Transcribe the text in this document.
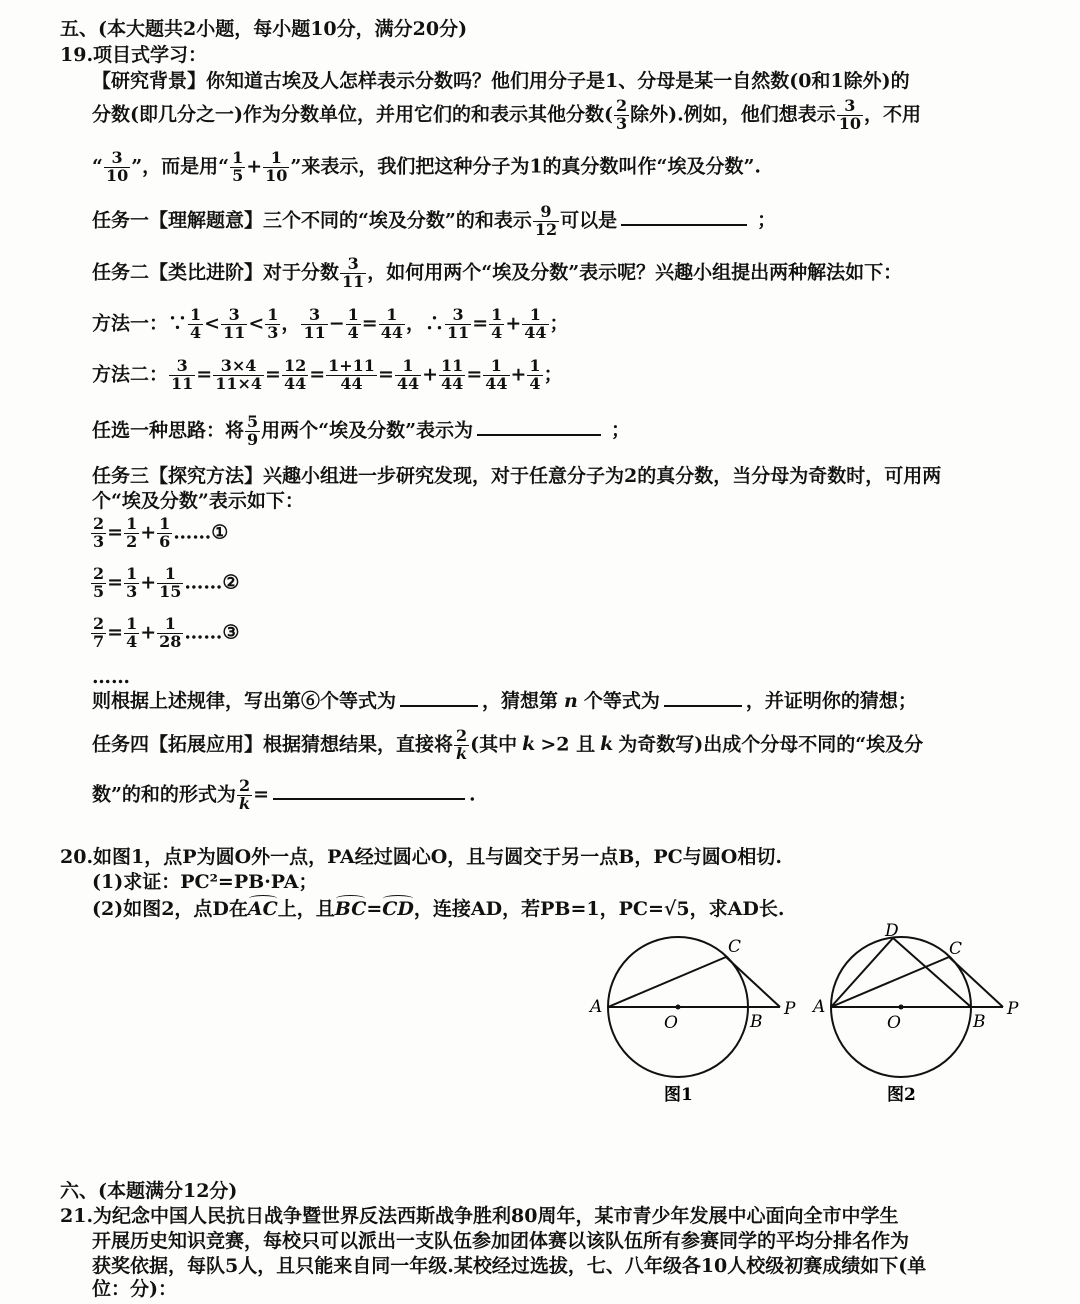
五、(本大题共2小题，每小题10分，满分20分)
19.项目式学习：
【研究背景】你知道古埃及人怎样表示分数吗？他们用分子是1、分母是某一自然数(0和1除外)的
分数(即几分之一)作为分数单位，并用它们的和表示其他分数( $\frac{2}{3}$ 除外).例如，他们想表示 $\frac{3}{10}$ ，不用
“ $\frac{3}{10}$ ”，而是用“ $\frac{1}{5} + \frac{1}{10}$ ”来表示，我们把这种分子为1的真分数叫作“埃及分数”.
任务一【理解题意】三个不同的“埃及分数”的和表示 $\frac{9}{12}$ 可以是	；
任务二【类比进阶】对于分数 $\frac{3}{11}$ ，如何用两个“埃及分数”表示呢？兴趣小组提出两种解法如下：
方法一：∵ $\frac{1}{4} < \frac{3}{11} < \frac{1}{3}$ ， $\frac{3}{11} - \frac{1}{4} = \frac{1}{44}$ ，∴ $\frac{3}{11} = \frac{1}{4} + \frac{1}{44}$ ；
方法二： $\frac{3}{11} = \frac{3\times 4}{11\times 4} = \frac{12}{44} = \frac{1+11}{44} = \frac{1}{44} + \frac{11}{44} = \frac{1}{44} + \frac{1}{4}$ ；
任选一种思路：将 $\frac{5}{9}$ 用两个“埃及分数”表示为	；
任务三【探究方法】兴趣小组进一步研究发现，对于任意分子为2的真分数，当分母为奇数时，可用两
个“埃及分数”表示如下：
$\frac{2}{3} = \frac{1}{2} + \frac{1}{6}$ ……①
$\frac{2}{5} = \frac{1}{3} + \frac{1}{15}$ ……②
$\frac{2}{7} = \frac{1}{4} + \frac{1}{28}$ ……③
……
则根据上述规律，写出第⑥个等式为	，猜想第 n 个等式为	，并证明你的猜想；
任务四【拓展应用】根据猜想结果，直接将 $\frac{2}{k}$ (其中 k >2 且 k 为奇数写)出成个分母不同的“埃及分
数”的和的形式为 $\frac{2}{k}$ =	.
20.如图1，点P为圆O外一点，PA经过圆心O，且与圆交于另一点B，PC与圆O相切.
(1)求证：PC²=PB·PA；
(2)如图2，点D在AC上，且BC=CD，连接AD，若PB=1，PC=√5，求AD长.
A
O	B
P
C
图1
A
O	B
P
C
D
图2
六、(本题满分12分)
21.为纪念中国人民抗日战争暨世界反法西斯战争胜利80周年，某市青少年发展中心面向全市中学生
开展历史知识竞赛，每校只可以派出一支队伍参加团体赛以该队伍所有参赛同学的平均分排名作为
获奖依据，每队5人，且只能来自同一年级.某校经过选拔，七、八年级各10人校级初赛成绩如下(单
位：分)：
